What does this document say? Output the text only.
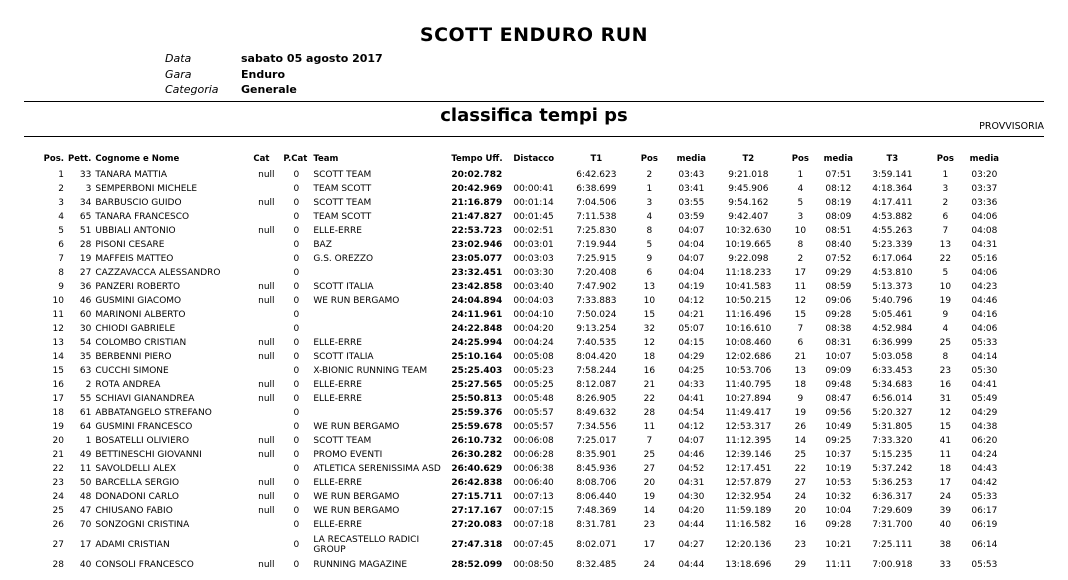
SCOTT ENDURO RUN
Data	sabato 05 agosto 2017
Gara	Enduro
Categoria	Generale
classifica tempi ps
PROVVISORIA
Pos.	Pett.	Cognome e Nome	Cat	P.Cat	Team	Tempo Uff.	Distacco	T1	Pos	media	T2	Pos	media	T3	Pos	media
1	33	TANARA MATTIA	null	0	SCOTT TEAM	20:02.782		6:42.623	2	03:43	9:21.018	1	07:51	3:59.141	1	03:20
2	3	SEMPERBONI MICHELE		0	TEAM SCOTT	20:42.969	00:00:41	6:38.699	1	03:41	9:45.906	4	08:12	4:18.364	3	03:37
3	34	BARBUSCIO GUIDO	null	0	SCOTT TEAM	21:16.879	00:01:14	7:04.506	3	03:55	9:54.162	5	08:19	4:17.411	2	03:36
4	65	TANARA FRANCESCO		0	TEAM SCOTT	21:47.827	00:01:45	7:11.538	4	03:59	9:42.407	3	08:09	4:53.882	6	04:06
5	51	UBBIALI ANTONIO	null	0	ELLE-ERRE	22:53.723	00:02:51	7:25.830	8	04:07	10:32.630	10	08:51	4:55.263	7	04:08
6	28	PISONI CESARE		0	BAZ	23:02.946	00:03:01	7:19.944	5	04:04	10:19.665	8	08:40	5:23.339	13	04:31
7	19	MAFFEIS MATTEO		0	G.S. OREZZO	23:05.077	00:03:03	7:25.915	9	04:07	9:22.098	2	07:52	6:17.064	22	05:16
8	27	CAZZAVACCA ALESSANDRO		0		23:32.451	00:03:30	7:20.408	6	04:04	11:18.233	17	09:29	4:53.810	5	04:06
9	36	PANZERI ROBERTO	null	0	SCOTT ITALIA	23:42.858	00:03:40	7:47.902	13	04:19	10:41.583	11	08:59	5:13.373	10	04:23
10	46	GUSMINI GIACOMO	null	0	WE RUN BERGAMO	24:04.894	00:04:03	7:33.883	10	04:12	10:50.215	12	09:06	5:40.796	19	04:46
11	60	MARINONI ALBERTO		0		24:11.961	00:04:10	7:50.024	15	04:21	11:16.496	15	09:28	5:05.461	9	04:16
12	30	CHIODI GABRIELE		0		24:22.848	00:04:20	9:13.254	32	05:07	10:16.610	7	08:38	4:52.984	4	04:06
13	54	COLOMBO CRISTIAN	null	0	ELLE-ERRE	24:25.994	00:04:24	7:40.535	12	04:15	10:08.460	6	08:31	6:36.999	25	05:33
14	35	BERBENNI PIERO	null	0	SCOTT ITALIA	25:10.164	00:05:08	8:04.420	18	04:29	12:02.686	21	10:07	5:03.058	8	04:14
15	63	CUCCHI SIMONE		0	X-BIONIC RUNNING TEAM	25:25.403	00:05:23	7:58.244	16	04:25	10:53.706	13	09:09	6:33.453	23	05:30
16	2	ROTA ANDREA	null	0	ELLE-ERRE	25:27.565	00:05:25	8:12.087	21	04:33	11:40.795	18	09:48	5:34.683	16	04:41
17	55	SCHIAVI GIANANDREA	null	0	ELLE-ERRE	25:50.813	00:05:48	8:26.905	22	04:41	10:27.894	9	08:47	6:56.014	31	05:49
18	61	ABBATANGELO STREFANO		0		25:59.376	00:05:57	8:49.632	28	04:54	11:49.417	19	09:56	5:20.327	12	04:29
19	64	GUSMINI FRANCESCO		0	WE RUN BERGAMO	25:59.678	00:05:57	7:34.556	11	04:12	12:53.317	26	10:49	5:31.805	15	04:38
20	1	BOSATELLI OLIVIERO	null	0	SCOTT TEAM	26:10.732	00:06:08	7:25.017	7	04:07	11:12.395	14	09:25	7:33.320	41	06:20
21	49	BETTINESCHI GIOVANNI	null	0	PROMO EVENTI	26:30.282	00:06:28	8:35.901	25	04:46	12:39.146	25	10:37	5:15.235	11	04:24
22	11	SAVOLDELLI ALEX		0	ATLETICA SERENISSIMA ASD	26:40.629	00:06:38	8:45.936	27	04:52	12:17.451	22	10:19	5:37.242	18	04:43
23	50	BARCELLA SERGIO	null	0	ELLE-ERRE	26:42.838	00:06:40	8:08.706	20	04:31	12:57.879	27	10:53	5:36.253	17	04:42
24	48	DONADONI CARLO	null	0	WE RUN BERGAMO	27:15.711	00:07:13	8:06.440	19	04:30	12:32.954	24	10:32	6:36.317	24	05:33
25	47	CHIUSANO FABIO	null	0	WE RUN BERGAMO	27:17.167	00:07:15	7:48.369	14	04:20	11:59.189	20	10:04	7:29.609	39	06:17
26	70	SONZOGNI CRISTINA		0	ELLE-ERRE	27:20.083	00:07:18	8:31.781	23	04:44	11:16.582	16	09:28	7:31.700	40	06:19
27	17	ADAMI CRISTIAN		0	LA RECASTELLO RADICI GROUP	27:47.318	00:07:45	8:02.071	17	04:27	12:20.136	23	10:21	7:25.111	38	06:14
28	40	CONSOLI FRANCESCO	null	0	RUNNING MAGAZINE	28:52.099	00:08:50	8:32.485	24	04:44	13:18.696	29	11:11	7:00.918	33	05:53
